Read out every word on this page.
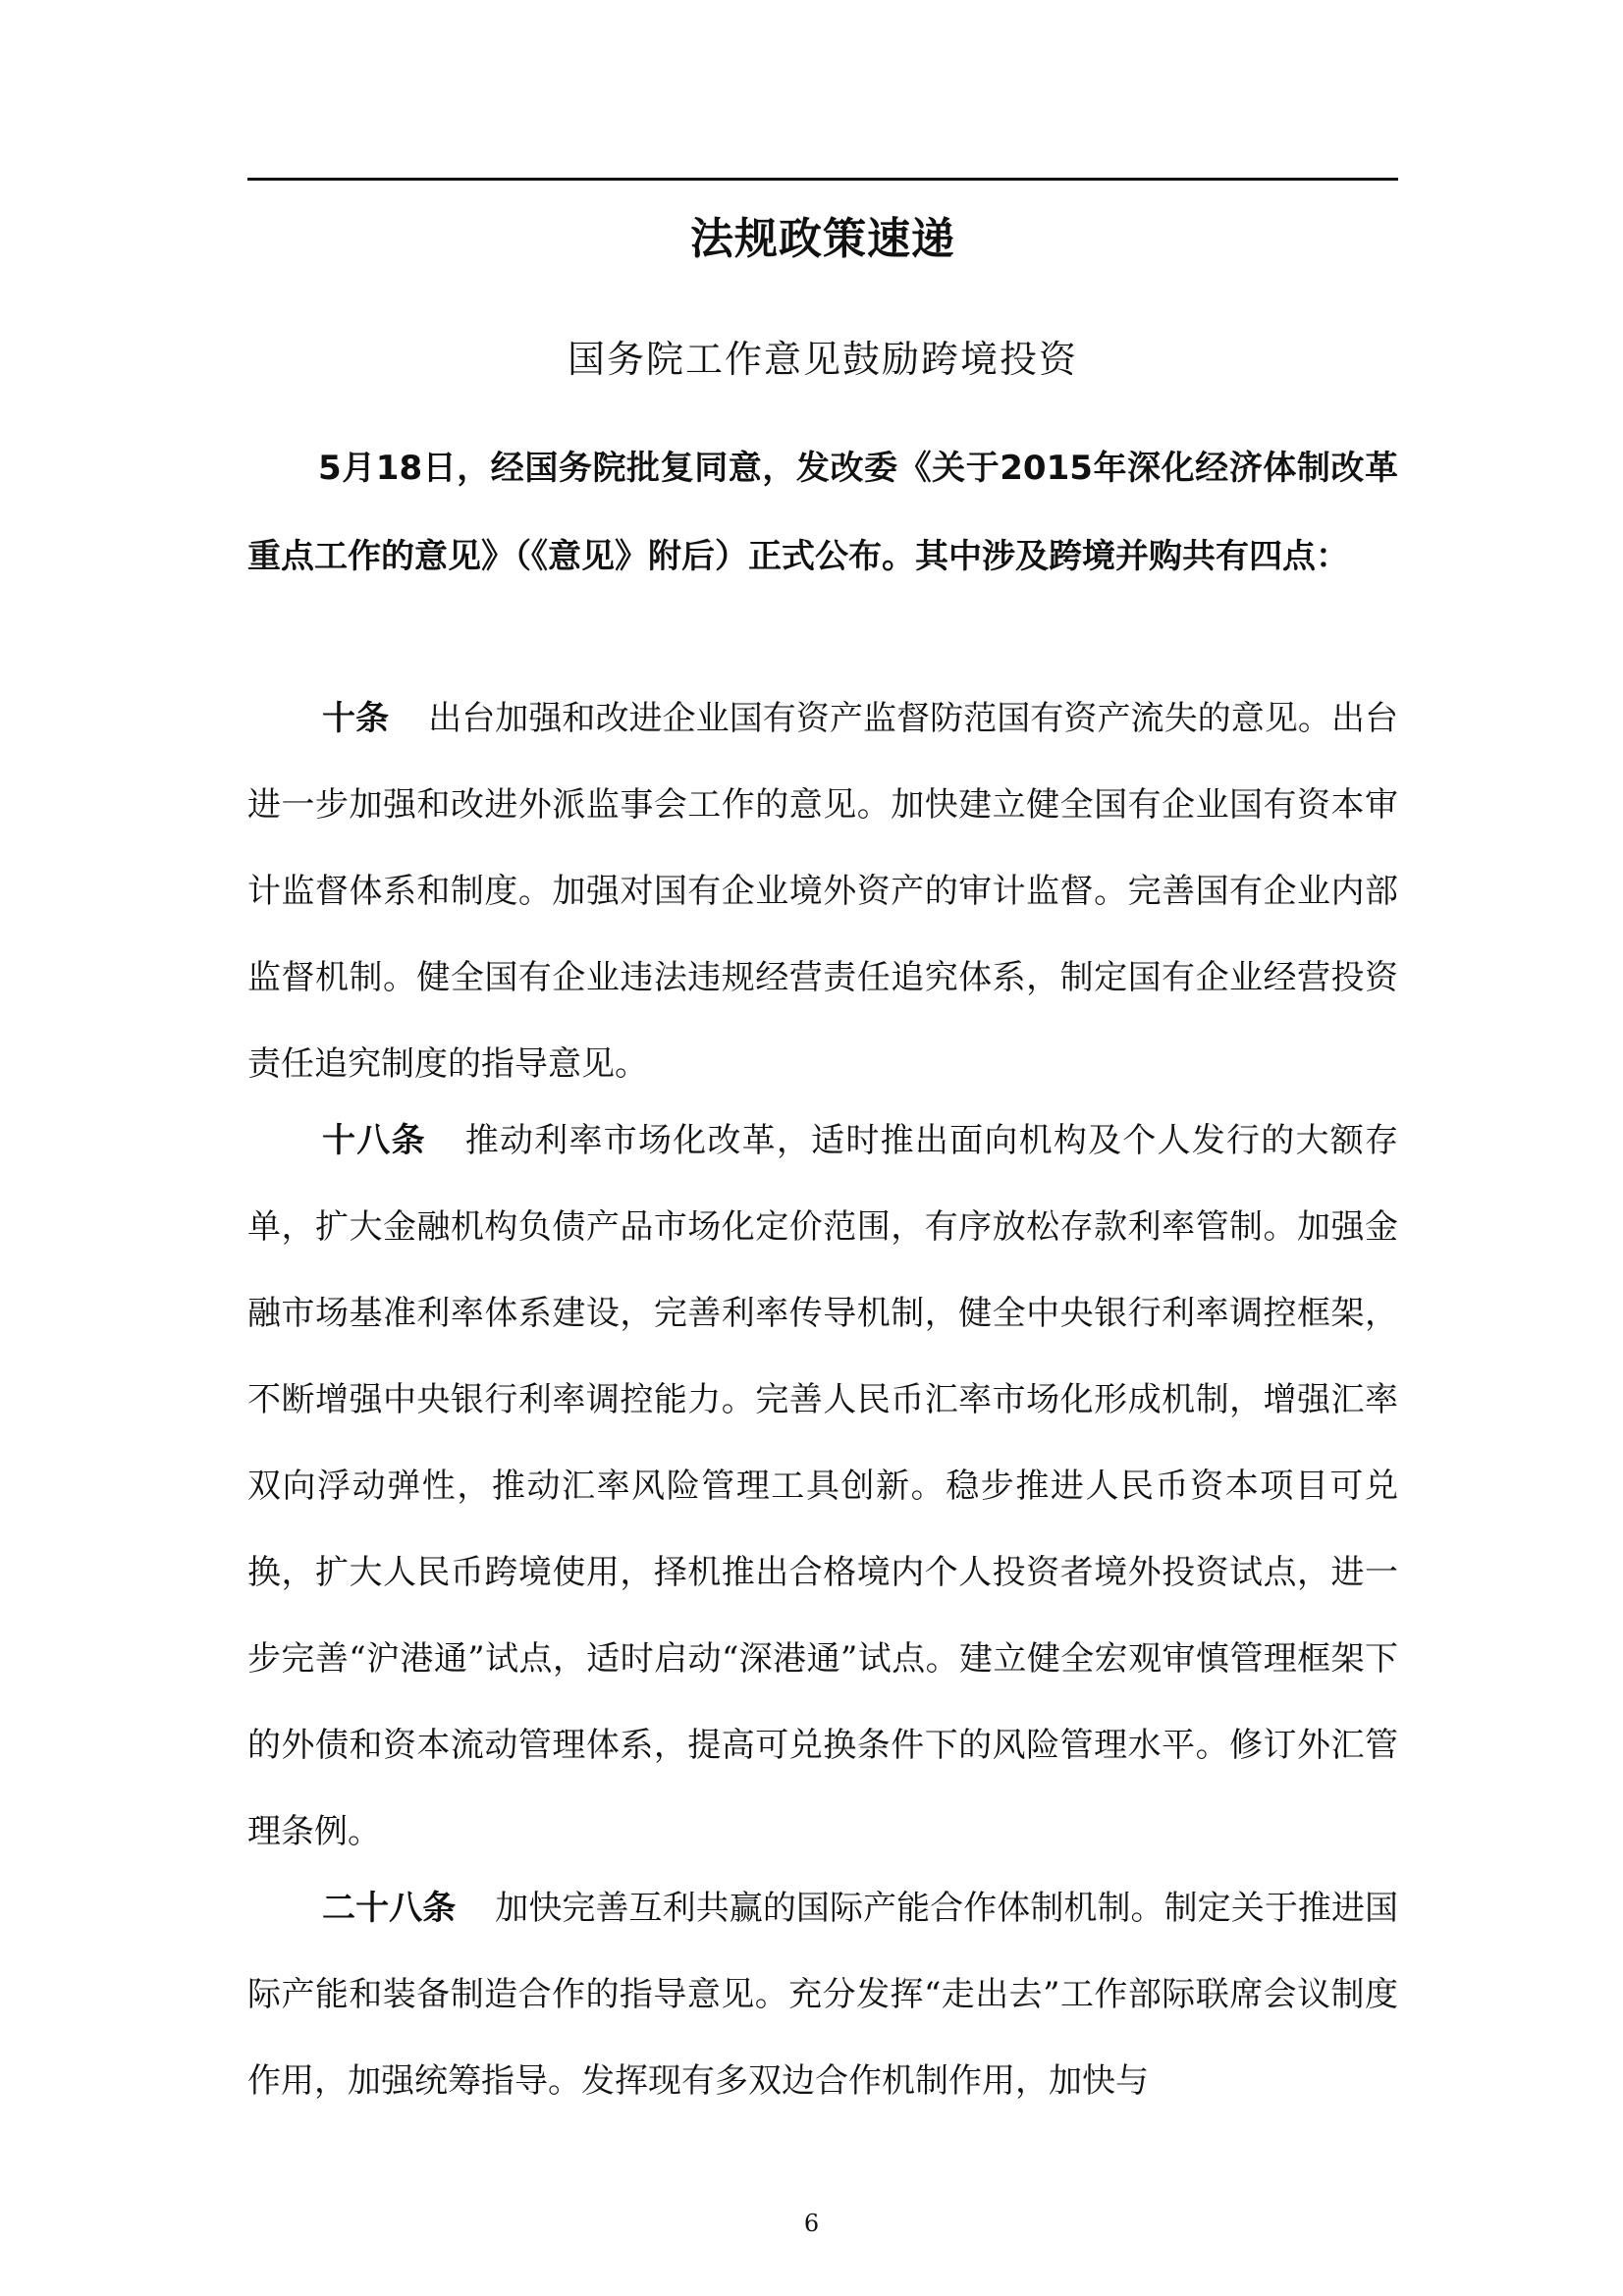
法规政策速递
国务院工作意见鼓励跨境投资

5月18日，经国务院批复同意，发改委《关于2015年深化经济体制改革重点工作的意见》（《意见》附后）正式公布。其中涉及跨境并购共有四点：

十条 出台加强和改进企业国有资产监督防范国有资产流失的意见。出台进一步加强和改进外派监事会工作的意见。加快建立健全国有企业国有资本审计监督体系和制度。加强对国有企业境外资产的审计监督。完善国有企业内部监督机制。健全国有企业违法违规经营责任追究体系，制定国有企业经营投资责任追究制度的指导意见。

十八条 推动利率市场化改革，适时推出面向机构及个人发行的大额存单，扩大金融机构负债产品市场化定价范围，有序放松存款利率管制。加强金融市场基准利率体系建设，完善利率传导机制，健全中央银行利率调控框架，不断增强中央银行利率调控能力。完善人民币汇率市场化形成机制，增强汇率双向浮动弹性，推动汇率风险管理工具创新。稳步推进人民币资本项目可兑换，扩大人民币跨境使用，择机推出合格境内个人投资者境外投资试点，进一步完善“沪港通”试点，适时启动“深港通”试点。建立健全宏观审慎管理框架下的外债和资本流动管理体系，提高可兑换条件下的风险管理水平。修订外汇管理条例。

二十八条 加快完善互利共赢的国际产能合作体制机制。制定关于推进国际产能和装备制造合作的指导意见。充分发挥“走出去”工作部际联席会议制度作用，加强统筹指导。发挥现有多双边合作机制作用，加快与

6
